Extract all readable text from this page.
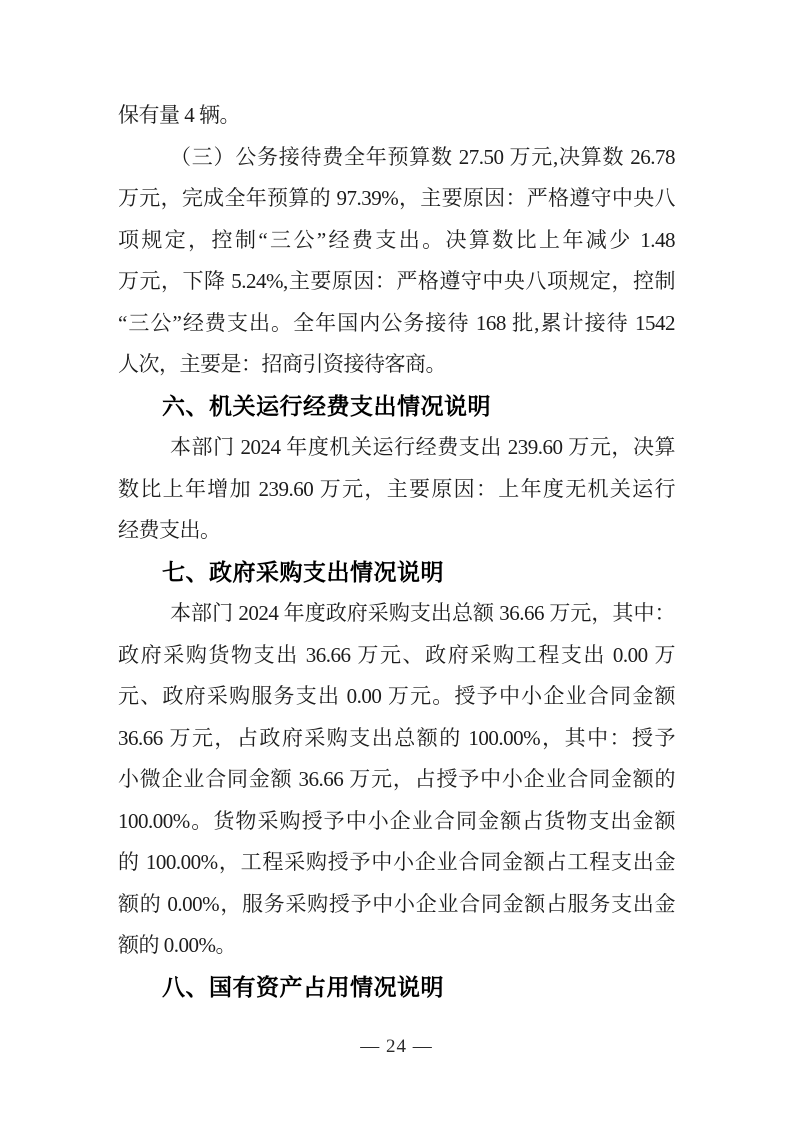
保有量 4 辆。
（三）公务接待费全年预算数 27.50 万元,决算数 26.78
万元，完成全年预算的 97.39%，主要原因：严格遵守中央八
项规定，控制“三公”经费支出。决算数比上年减少 1.48
万元，下降 5.24%,主要原因：严格遵守中央八项规定，控制
“三公”经费支出。全年国内公务接待 168 批,累计接待 1542
人次，主要是：招商引资接待客商。
六、机关运行经费支出情况说明
本部门 2024 年度机关运行经费支出 239.60 万元，决算
数比上年增加 239.60 万元，主要原因：上年度无机关运行
经费支出。
七、政府采购支出情况说明
本部门 2024 年度政府采购支出总额 36.66 万元，其中：
政府采购货物支出 36.66 万元、政府采购工程支出 0.00 万
元、政府采购服务支出 0.00 万元。授予中小企业合同金额
36.66 万元，占政府采购支出总额的 100.00%，其中：授予
小微企业合同金额 36.66 万元，占授予中小企业合同金额的
100.00%。货物采购授予中小企业合同金额占货物支出金额
的 100.00%，工程采购授予中小企业合同金额占工程支出金
额的 0.00%，服务采购授予中小企业合同金额占服务支出金
额的 0.00%。
八、国有资产占用情况说明
— 24 —
